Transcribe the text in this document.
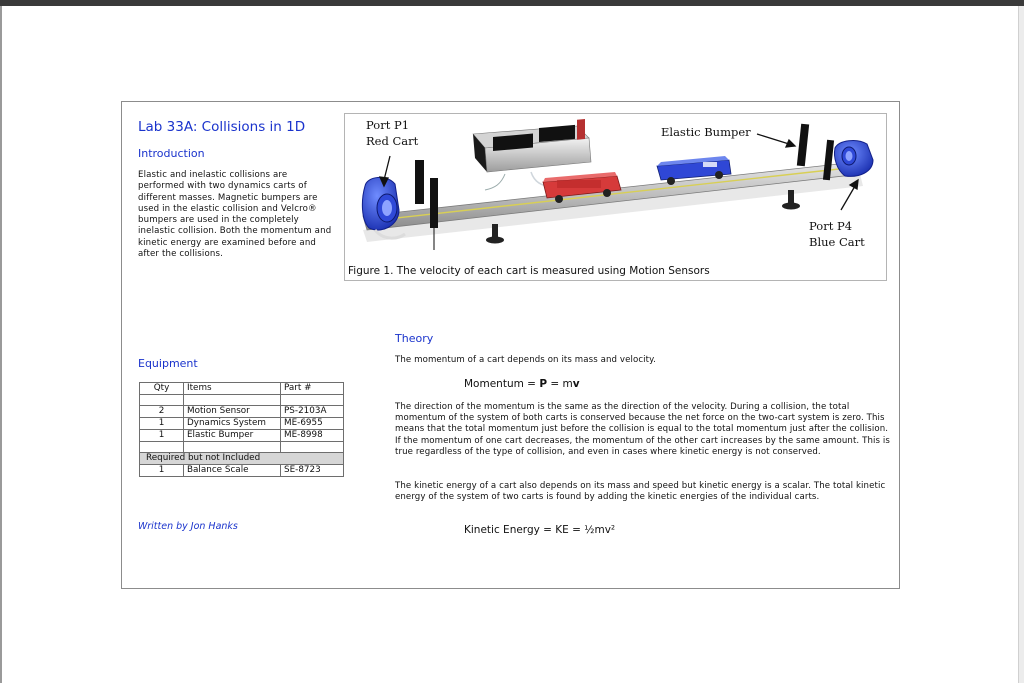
Lab 33A: Collisions in 1D
Introduction
Elastic and inelastic collisions are performed with two dynamics carts of different masses. Magnetic bumpers are used in the elastic collision and Velcro® bumpers are used in the completely inelastic collision. Both the momentum and kinetic energy are examined before and after the collisions.
Port P1
Red Cart
Elastic Bumper
Port P4
Blue Cart
Figure 1. The velocity of each cart is measured using Motion Sensors
Equipment
Qty	Items	Part #

2	Motion Sensor	PS-2103A
1	Dynamics System	ME-6955
1	Elastic Bumper	ME-8998

Required but not Included		
1	Balance Scale	SE-8723
Written by Jon Hanks
Theory
The momentum of a cart depends on its mass and velocity.
Momentum = P = mv
The direction of the momentum is the same as the direction of the velocity. During a collision, the total momentum of the system of both carts is conserved because the net force on the two-cart system is zero. This means that the total momentum just before the collision is equal to the total momentum just after the collision. If the momentum of one cart decreases, the momentum of the other cart increases by the same amount. This is true regardless of the type of collision, and even in cases where kinetic energy is not conserved.
The kinetic energy of a cart also depends on its mass and speed but kinetic energy is a scalar. The total kinetic energy of the system of two carts is found by adding the kinetic energies of the individual carts.
Kinetic Energy = KE = ½mv²
